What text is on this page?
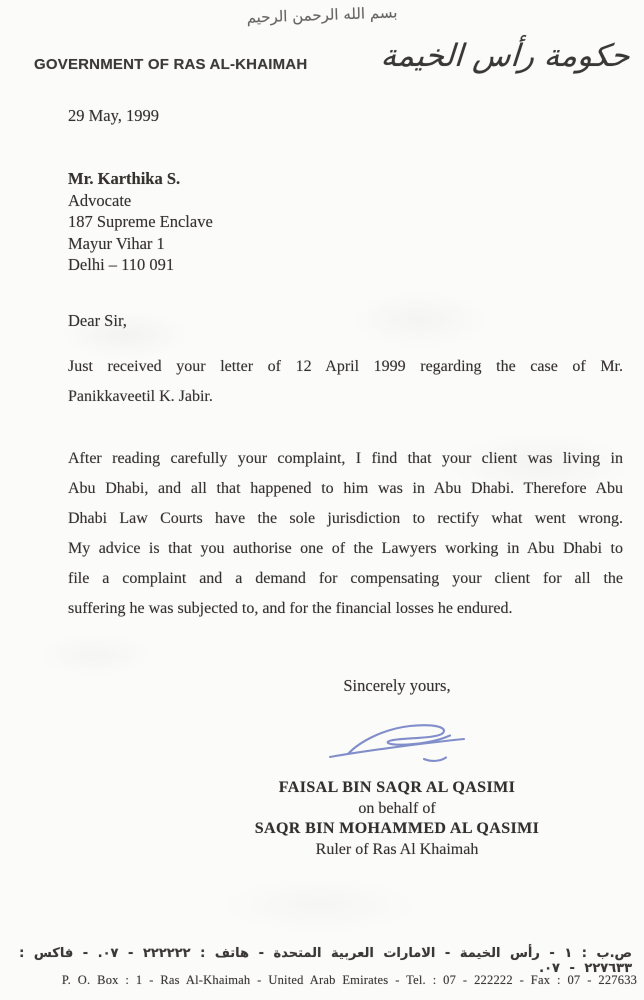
بسم الله الرحمن الرحيم
GOVERNMENT OF RAS AL-KHAIMAH حكومة رأس الخيمة
29 May, 1999
Mr. Karthika S.
Advocate
187 Supreme Enclave
Mayur Vihar 1
Delhi – 110 091
Dear Sir,
Just received your letter of 12 April 1999 regarding the case of Mr.
Panikkaveetil K. Jabir.
After reading carefully your complaint, I find that your client was living in
Abu Dhabi, and all that happened to him was in Abu Dhabi. Therefore Abu
Dhabi Law Courts have the sole jurisdiction to rectify what went wrong.
My advice is that you authorise one of the Lawyers working in Abu Dhabi to
file a complaint and a demand for compensating your client for all the
suffering he was subjected to, and for the financial losses he endured.
Sincerely yours,
FAISAL BIN SAQR AL QASIMI
on behalf of
SAQR BIN MOHAMMED AL QASIMI
Ruler of Ras Al Khaimah
ص.ب : ١ - رأس الخيمة - الامارات العربية المتحدة - هاتف : ٢٢٢٢٢٢ - ٠٧. - فاكس : ٢٢٧٦٣٣ - ٠٧.
P. O. Box : 1 - Ras Al-Khaimah - United Arab Emirates - Tel. : 07 - 222222 - Fax : 07 - 227633
